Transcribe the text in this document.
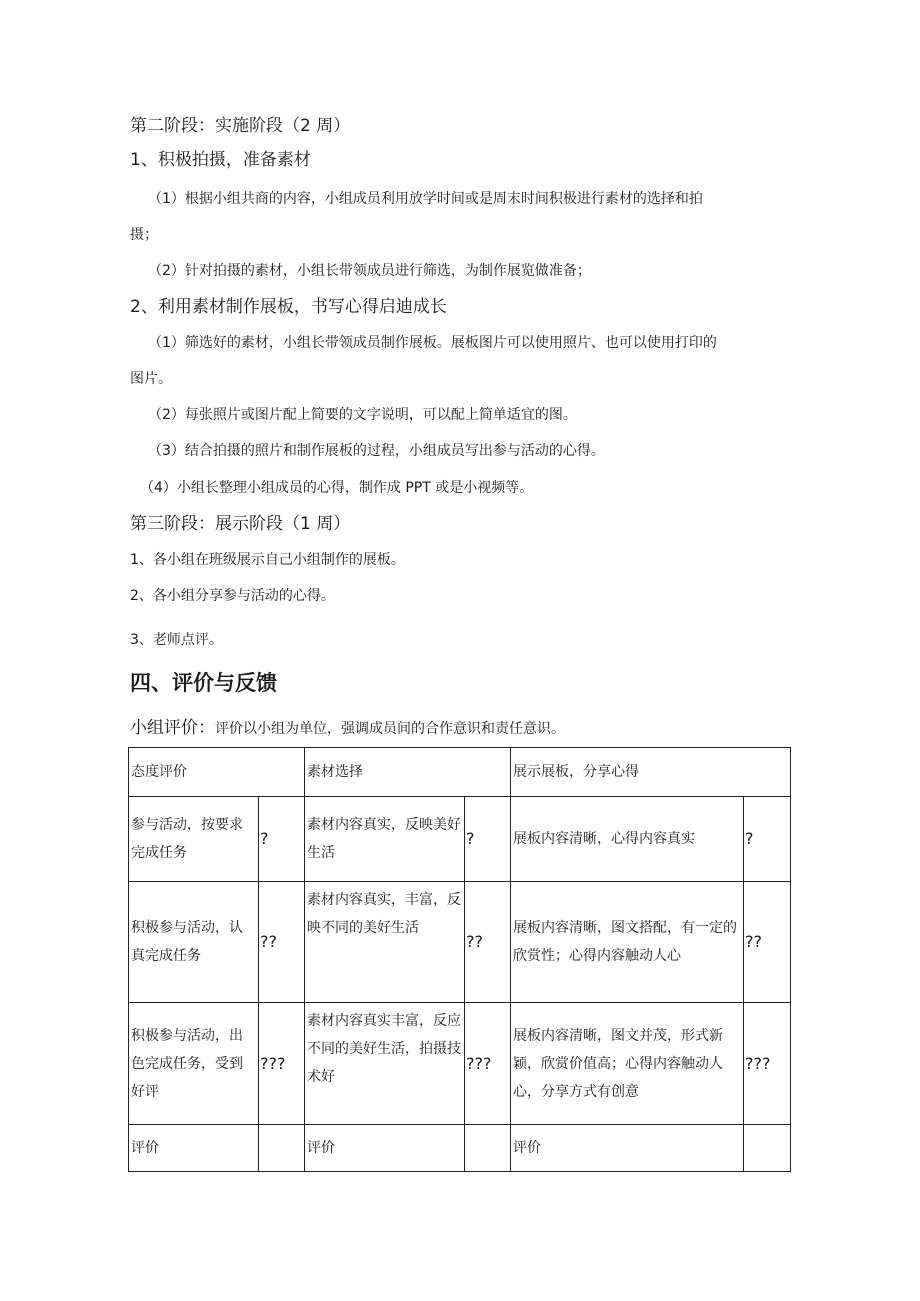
第二阶段：实施阶段（2 周）
1、积极拍摄，准备素材
（1）根据小组共商的内容，小组成员利用放学时间或是周末时间积极进行素材的选择和拍
摄；
（2）针对拍摄的素材，小组长带领成员进行筛选，为制作展览做准备；
2、利用素材制作展板，书写心得启迪成长
（1）筛选好的素材，小组长带领成员制作展板。展板图片可以使用照片、也可以使用打印的
图片。
（2）每张照片或图片配上简要的文字说明，可以配上简单适宜的图。
（3）结合拍摄的照片和制作展板的过程，小组成员写出参与活动的心得。
（4）小组长整理小组成员的心得，制作成 PPT 或是小视频等。
第三阶段：展示阶段（1 周）
1、各小组在班级展示自己小组制作的展板。
2、各小组分享参与活动的心得。
3、老师点评。
四、评价与反馈
小组评价：评价以小组为单位，强调成员间的合作意识和责任意识。
态度评价		素材选择		展示展板，分享心得	
参与活动，按要求完成任务	?	素材内容真实，反映美好生活	?	展板内容清晰，心得内容真实	?
积极参与活动，认真完成任务	??	素材内容真实，丰富，反映不同的美好生活	??	展板内容清晰，图文搭配，有一定的欣赏性；心得内容触动人心	??
积极参与活动，出色完成任务，受到好评	???	素材内容真实丰富，反应不同的美好生活，拍摄技术好	???	展板内容清晰，图文并茂，形式新颖，欣赏价值高；心得内容触动人心，分享方式有创意	???
评价		评价		评价	
